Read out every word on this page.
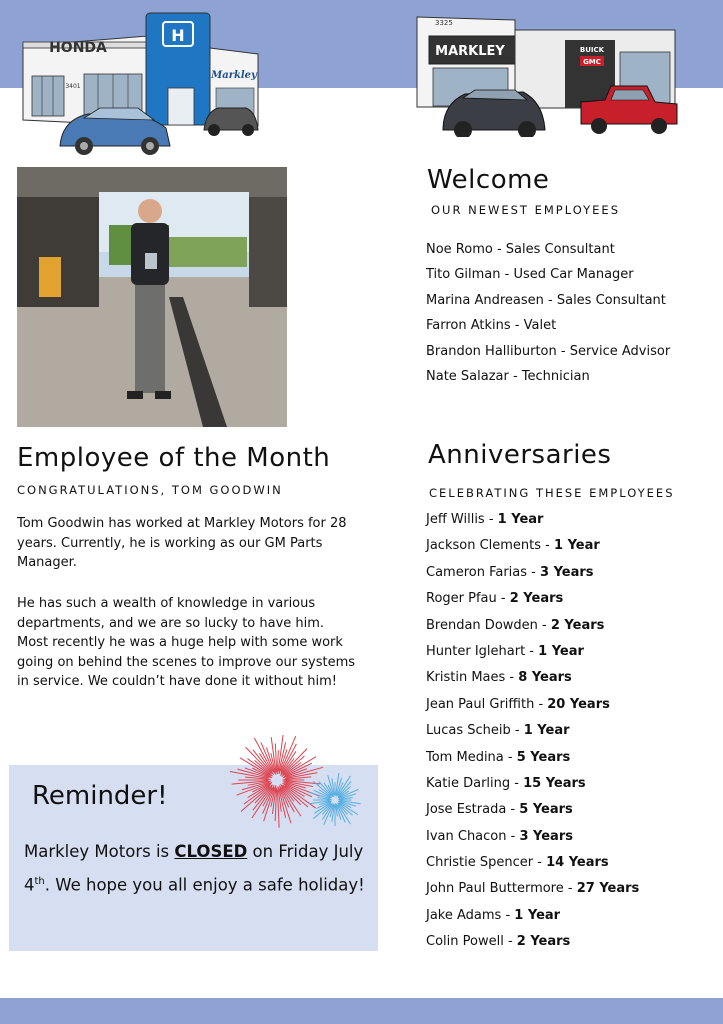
HONDA
3401
H
Markley
3325
MARKLEY	BUICK
GMC
Welcome
OUR NEWEST EMPLOYEES
Noe Romo - Sales Consultant
Tito Gilman - Used Car Manager
Marina Andreasen - Sales Consultant
Farron Atkins - Valet
Brandon Halliburton - Service Advisor
Nate Salazar - Technician
Employee of the Month
CONGRATULATIONS, TOM GOODWIN

Tom Goodwin has worked at Markley Motors for 28 years. Currently, he is working as our GM Parts Manager.

He has such a wealth of knowledge in various departments, and we are so lucky to have him. Most recently he was a huge help with some work going on behind the scenes to improve our systems in service. We couldn’t have done it without him!

Anniversaries
CELEBRATING THESE EMPLOYEES
Jeff Willis - 1 Year
Jackson Clements - 1 Year
Cameron Farias - 3 Years
Roger Pfau - 2 Years
Brendan Dowden - 2 Years
Hunter Iglehart - 1 Year
Kristin Maes - 8 Years
Jean Paul Griffith - 20 Years
Lucas Scheib - 1 Year
Tom Medina - 5 Years
Katie Darling - 15 Years
Jose Estrada - 5 Years
Ivan Chacon - 3 Years
Christie Spencer - 14 Years
John Paul Buttermore - 27 Years
Jake Adams - 1 Year
Colin Powell - 2 Years
Reminder!

Markley Motors is CLOSED on Friday July 4th. We hope you all enjoy a safe holiday!
